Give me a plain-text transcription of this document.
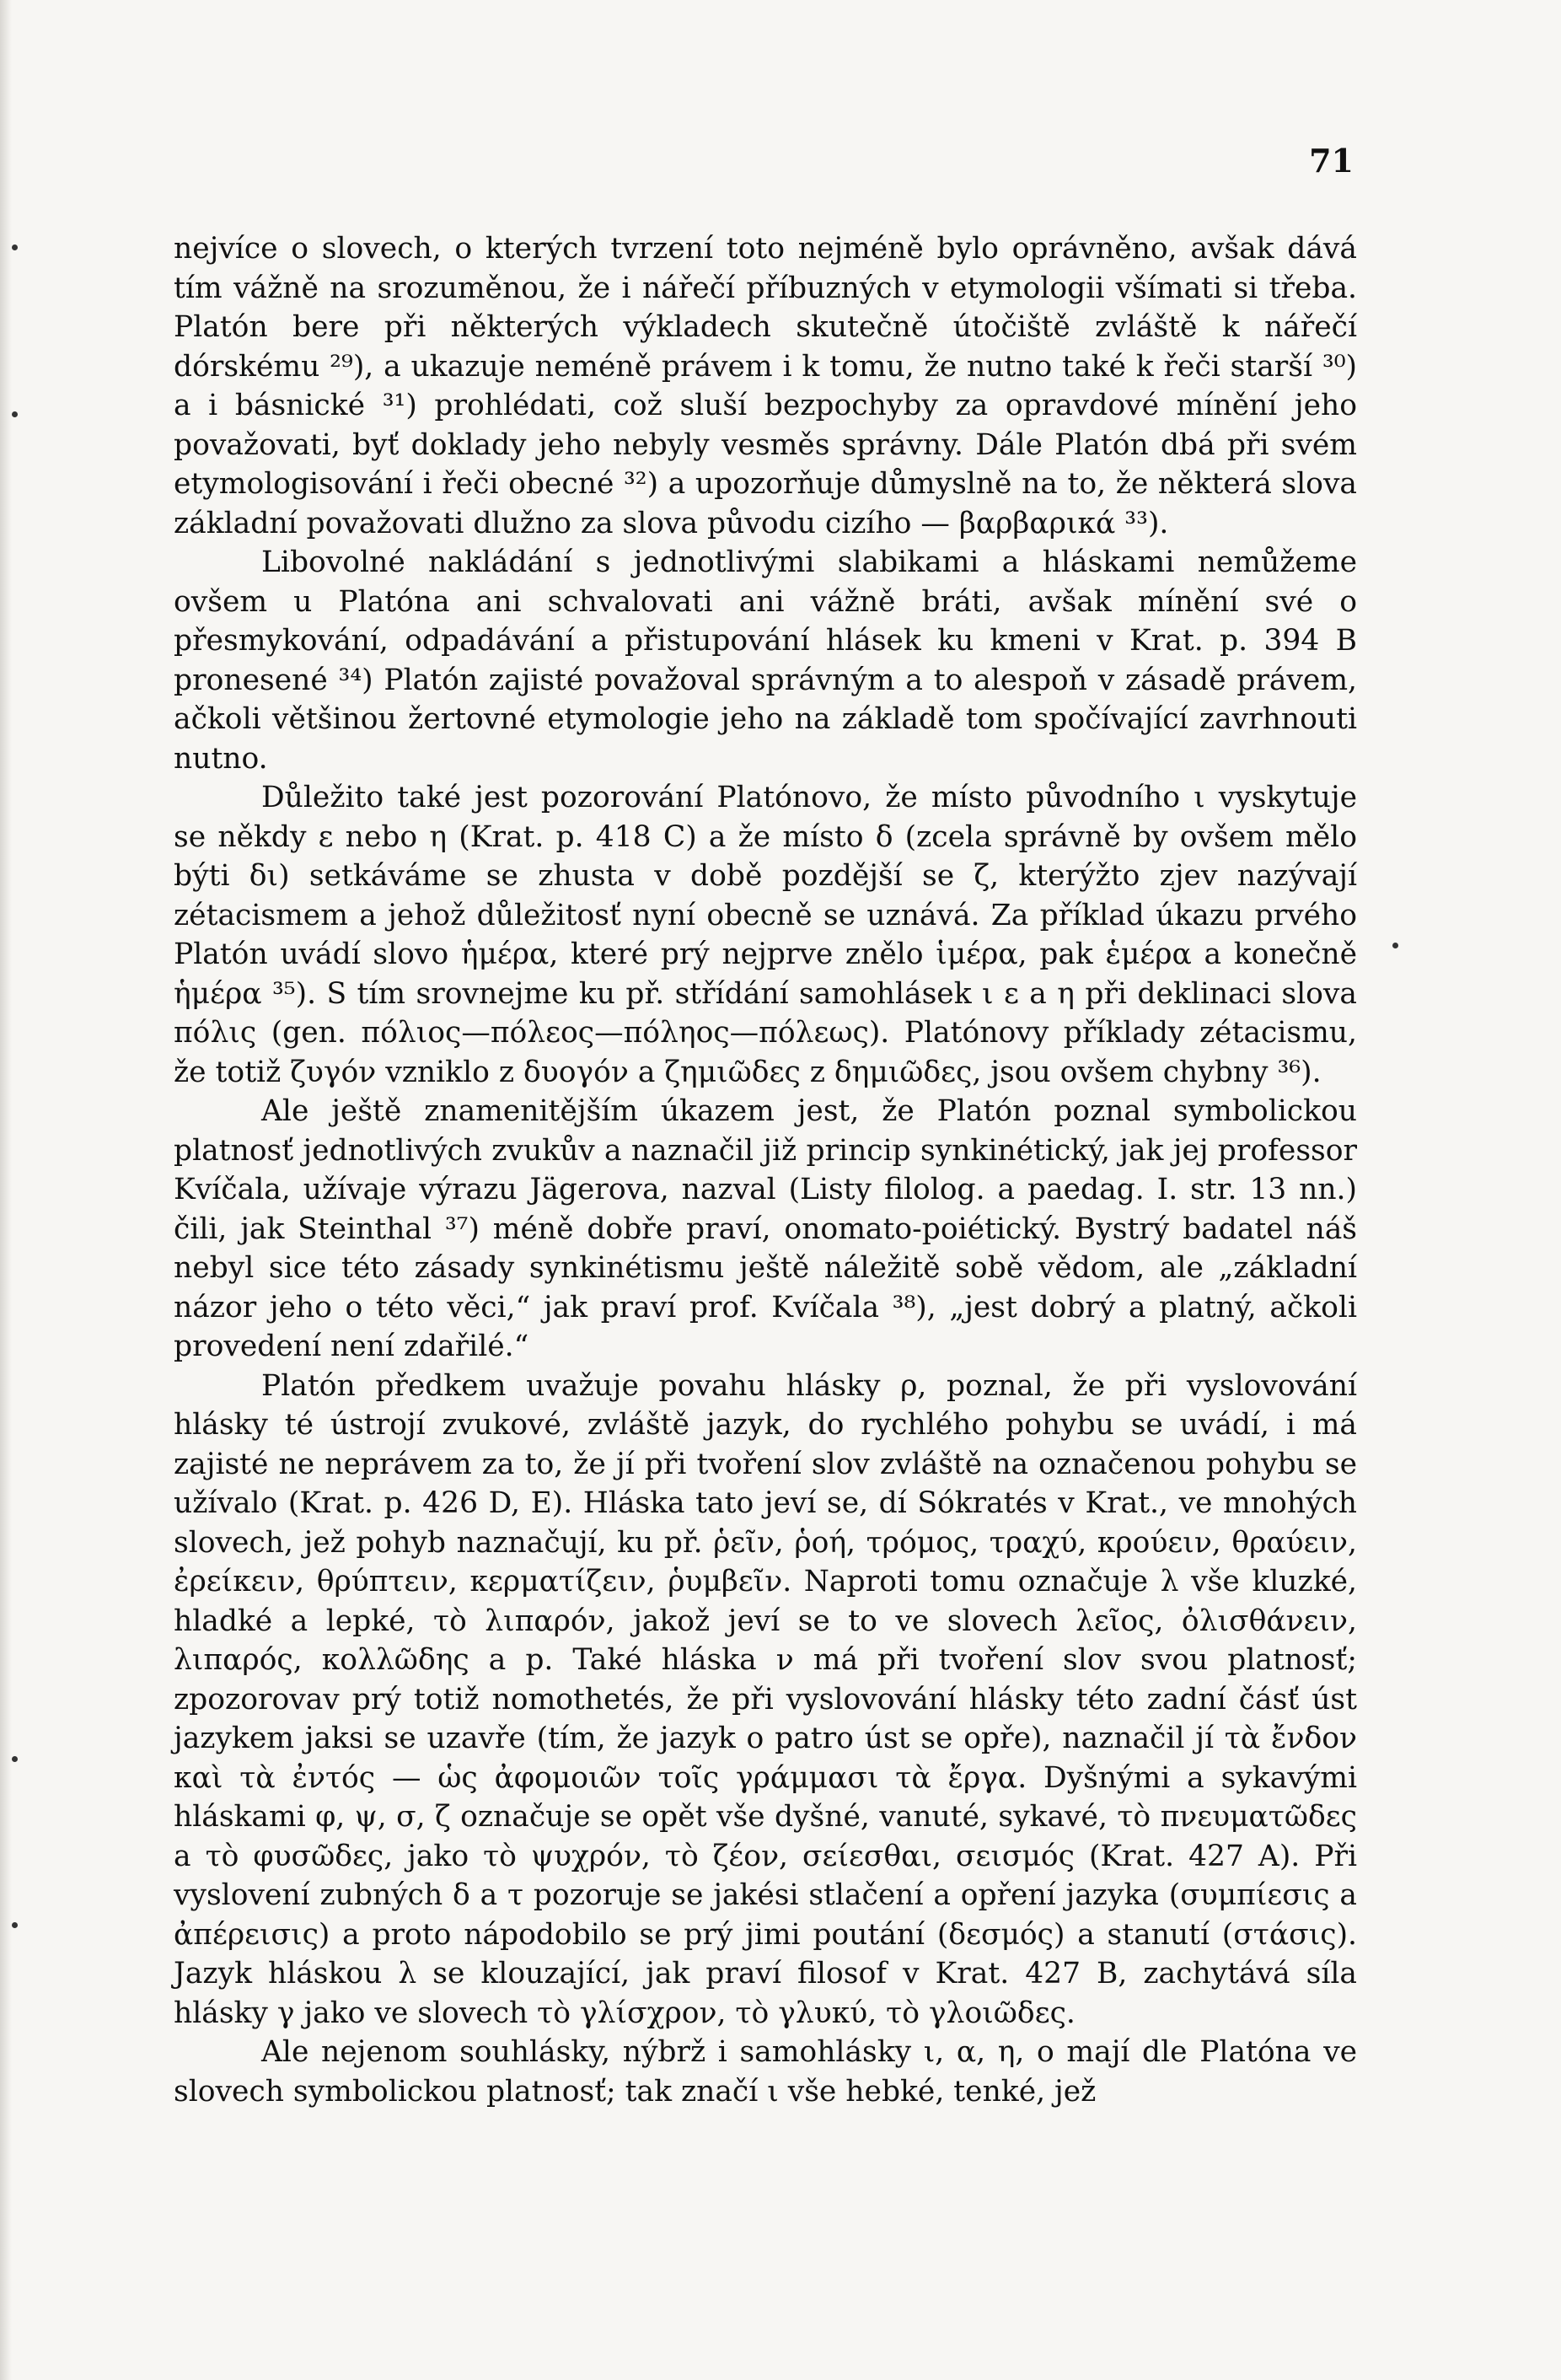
71

nejvíce o slovech, o kterých tvrzení toto nejméně bylo oprávněno, avšak dává tím vážně na srozuměnou, že i nářečí příbuzných v etymologii všímati si třeba. Platón bere při některých výkladech skutečně útočiště zvláště k nářečí dórskému ²⁹), a ukazuje neméně právem i k tomu, že nutno také k řeči starší ³⁰) a i básnické ³¹) prohlédati, což sluší bezpochyby za opravdové mínění jeho považovati, byť doklady jeho nebyly vesměs správny. Dále Platón dbá při svém etymologisování i řeči obecné ³²) a upozorňuje důmyslně na to, že některá slova základní považovati dlužno za slova původu cizího — βαρβαρικά ³³).

Libovolné nakládání s jednotlivými slabikami a hláskami nemůžeme ovšem u Platóna ani schvalovati ani vážně bráti, avšak mínění své o přesmykování, odpadávání a přistupování hlásek ku kmeni v Krat. p. 394 B pronesené ³⁴) Platón zajisté považoval správným a to alespoň v zásadě právem, ačkoli většinou žertovné etymologie jeho na základě tom spočívající zavrhnouti nutno.

Důležito také jest pozorování Platónovo, že místo původního ι vyskytuje se někdy ε nebo η (Krat. p. 418 C) a že místo δ (zcela správně by ovšem mělo býti δι) setkáváme se zhusta v době pozdější se ζ, kterýžto zjev nazývají zétacismem a jehož důležitosť nyní obecně se uznává. Za příklad úkazu prvého Platón uvádí slovo ἡμέρα, které prý nejprve znělo ἱμέρα, pak ἑμέρα a konečně ἡμέρα ³⁵). S tím srovnejme ku př. střídání samohlásek ι ε a η při deklinaci slova πόλις (gen. πόλιος—πόλεος—πόληος—πόλεως). Platónovy příklady zétacismu, že totiž ζυγόν vzniklo z δυογόν a ζημιῶδες z δημιῶδες, jsou ovšem chybny ³⁶).

Ale ještě znamenitějším úkazem jest, že Platón poznal symbolickou platnosť jednotlivých zvukův a naznačil již princip synkinétický, jak jej professor Kvíčala, užívaje výrazu Jägerova, nazval (Listy filolog. a paedag. I. str. 13 nn.) čili, jak Steinthal ³⁷) méně dobře praví, onomato-poiétický. Bystrý badatel náš nebyl sice této zásady synkinétismu ještě náležitě sobě vědom, ale „základní názor jeho o této věci,“ jak praví prof. Kvíčala ³⁸), „jest dobrý a platný, ačkoli provedení není zdařilé.“

Platón předkem uvažuje povahu hlásky ρ, poznal, že při vyslovování hlásky té ústrojí zvukové, zvláště jazyk, do rychlého pohybu se uvádí, i má zajisté ne neprávem za to, že jí při tvoření slov zvláště na označenou pohybu se užívalo (Krat. p. 426 D, E). Hláska tato jeví se, dí Sókratés v Krat., ve mnohých slovech, jež pohyb naznačují, ku př. ῥεῖν, ῥοή, τρόμος, τραχύ, κρούειν, θραύειν, ἐρείκειν, θρύπτειν, κερματίζειν, ῥυμβεῖν. Naproti tomu označuje λ vše kluzké, hladké a lepké, τὸ λιπαρόν, jakož jeví se to ve slovech λεῖος, ὀλισθάνειν, λιπαρός, κολλῶδης a p. Také hláska ν má při tvoření slov svou platnosť; zpozorovav prý totiž nomothetés, že při vyslovování hlásky této zadní čásť úst jazykem jaksi se uzavře (tím, že jazyk o patro úst se opře), naznačil jí τὰ ἔνδον καὶ τὰ ἐντός — ὡς ἀφομοιῶν τοῖς γράμμασι τὰ ἔργα. Dyšnými a sykavými hláskami φ, ψ, σ, ζ označuje se opět vše dyšné, vanuté, sykavé, τὸ πνευματῶδες a τὸ φυσῶδες, jako τὸ ψυχρόν, τὸ ζέον, σείεσθαι, σεισμός (Krat. 427 A). Při vyslovení zubných δ a τ pozoruje se jakési stlačení a opření jazyka (συμπίεσις a ἀπέρεισις) a proto nápodobilo se prý jimi poutání (δεσμός) a stanutí (στάσις). Jazyk hláskou λ se klouzající, jak praví filosof v Krat. 427 B, zachytává síla hlásky γ jako ve slovech τὸ γλίσχρον, τὸ γλυκύ, τὸ γλοιῶδες.

Ale nejenom souhlásky, nýbrž i samohlásky ι, α, η, ο mají dle Platóna ve slovech symbolickou platnosť; tak značí ι vše hebké, tenké, jež
